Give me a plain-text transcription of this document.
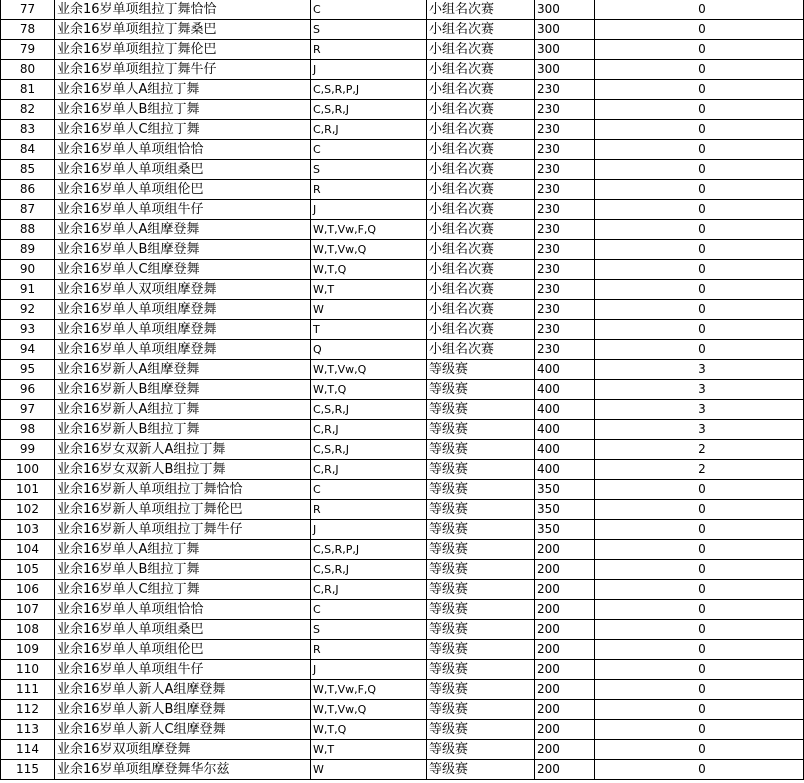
77	业余16岁单项组拉丁舞恰恰	C	小组名次赛	300	0
78	业余16岁单项组拉丁舞桑巴	S	小组名次赛	300	0
79	业余16岁单项组拉丁舞伦巴	R	小组名次赛	300	0
80	业余16岁单项组拉丁舞牛仔	J	小组名次赛	300	0
81	业余16岁单人A组拉丁舞	C,S,R,P,J	小组名次赛	230	0
82	业余16岁单人B组拉丁舞	C,S,R,J	小组名次赛	230	0
83	业余16岁单人C组拉丁舞	C,R,J	小组名次赛	230	0
84	业余16岁单人单项组恰恰	C	小组名次赛	230	0
85	业余16岁单人单项组桑巴	S	小组名次赛	230	0
86	业余16岁单人单项组伦巴	R	小组名次赛	230	0
87	业余16岁单人单项组牛仔	J	小组名次赛	230	0
88	业余16岁单人A组摩登舞	W,T,Vw,F,Q	小组名次赛	230	0
89	业余16岁单人B组摩登舞	W,T,Vw,Q	小组名次赛	230	0
90	业余16岁单人C组摩登舞	W,T,Q	小组名次赛	230	0
91	业余16岁单人双项组摩登舞	W,T	小组名次赛	230	0
92	业余16岁单人单项组摩登舞	W	小组名次赛	230	0
93	业余16岁单人单项组摩登舞	T	小组名次赛	230	0
94	业余16岁单人单项组摩登舞	Q	小组名次赛	230	0
95	业余16岁新人A组摩登舞	W,T,Vw,Q	等级赛	400	3
96	业余16岁新人B组摩登舞	W,T,Q	等级赛	400	3
97	业余16岁新人A组拉丁舞	C,S,R,J	等级赛	400	3
98	业余16岁新人B组拉丁舞	C,R,J	等级赛	400	3
99	业余16岁女双新人A组拉丁舞	C,S,R,J	等级赛	400	2
100	业余16岁女双新人B组拉丁舞	C,R,J	等级赛	400	2
101	业余16岁新人单项组拉丁舞恰恰	C	等级赛	350	0
102	业余16岁新人单项组拉丁舞伦巴	R	等级赛	350	0
103	业余16岁新人单项组拉丁舞牛仔	J	等级赛	350	0
104	业余16岁单人A组拉丁舞	C,S,R,P,J	等级赛	200	0
105	业余16岁单人B组拉丁舞	C,S,R,J	等级赛	200	0
106	业余16岁单人C组拉丁舞	C,R,J	等级赛	200	0
107	业余16岁单人单项组恰恰	C	等级赛	200	0
108	业余16岁单人单项组桑巴	S	等级赛	200	0
109	业余16岁单人单项组伦巴	R	等级赛	200	0
110	业余16岁单人单项组牛仔	J	等级赛	200	0
111	业余16岁单人新人A组摩登舞	W,T,Vw,F,Q	等级赛	200	0
112	业余16岁单人新人B组摩登舞	W,T,Vw,Q	等级赛	200	0
113	业余16岁单人新人C组摩登舞	W,T,Q	等级赛	200	0
114	业余16岁双项组摩登舞	W,T	等级赛	200	0
115	业余16岁单项组摩登舞华尔兹	W	等级赛	200	0
